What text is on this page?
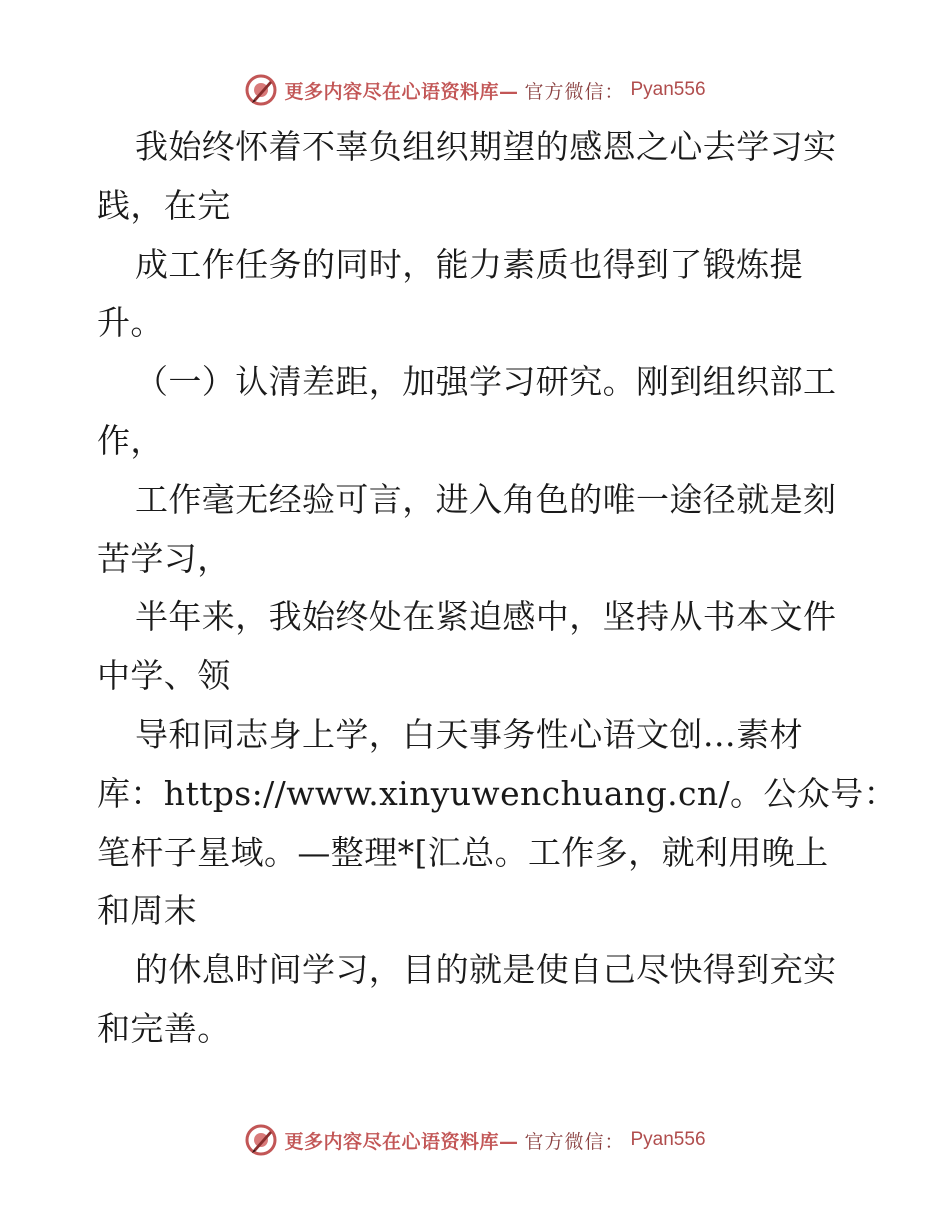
更多内容尽在心语资料库— 官方微信： Pyan556
我始终怀着不辜负组织期望的感恩之心去学习实
践，在完
成工作任务的同时，能力素质也得到了锻炼提
升。
（一）认清差距，加强学习研究。刚到组织部工
作，
工作毫无经验可言，进入角色的唯一途径就是刻
苦学习，
半年来，我始终处在紧迫感中，坚持从书本文件
中学、领
导和同志身上学，白天事务性心语文创…素材
库：https://www.xinyuwenchuang.cn/。公众号：
笔杆子星域。—整理*[汇总。工作多，就利用晚上
和周末
的休息时间学习，目的就是使自己尽快得到充实
和完善。
更多内容尽在心语资料库— 官方微信： Pyan556
